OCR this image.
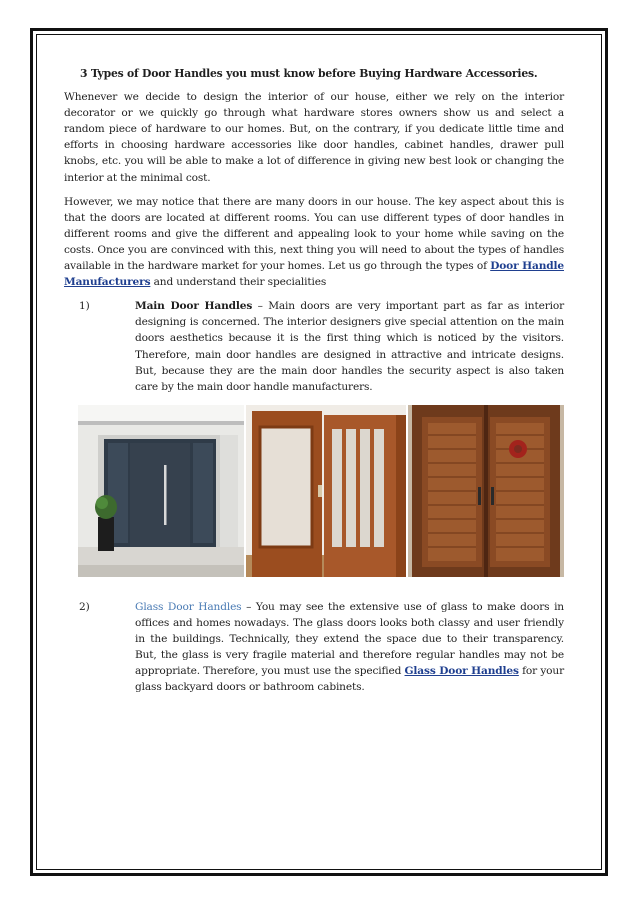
3 Types of Door Handles you must know before Buying Hardware Accessories.

Whenever we decide to design the interior of our house, either we rely on the interior decorator or we quickly go through what hardware stores owners show us and select a random piece of hardware to our homes. But, on the contrary, if you dedicate little time and efforts in choosing hardware accessories like door handles, cabinet handles, drawer pull knobs, etc. you will be able to make a lot of difference in giving new best look or changing the interior at the minimal cost.

However, we may notice that there are many doors in our house. The key aspect about this is that the doors are located at different rooms. You can use different types of door handles in different rooms and give the different and appealing look to your home while saving on the costs. Once you are convinced with this, next thing you will need to about the types of handles available in the hardware market for your homes. Let us go through the types of Door Handle Manufacturers and understand their specialities

1)	Main Door Handles – Main doors are very important part as far as interior designing is concerned. The interior designers give special attention on the main doors aesthetics because it is the first thing which is noticed by the visitors. Therefore, main door handles are designed in attractive and intricate designs. But, because they are the main door handles the security aspect is also taken care by the main door handle manufacturers.
2)	Glass Door Handles – You may see the extensive use of glass to make doors in offices and homes nowadays. The glass doors looks both classy and user friendly in the buildings. Technically, they extend the space due to their transparency. But, the glass is very fragile material and therefore regular handles may not be appropriate. Therefore, you must use the specified Glass Door Handles for your glass backyard doors or bathroom cabinets.
